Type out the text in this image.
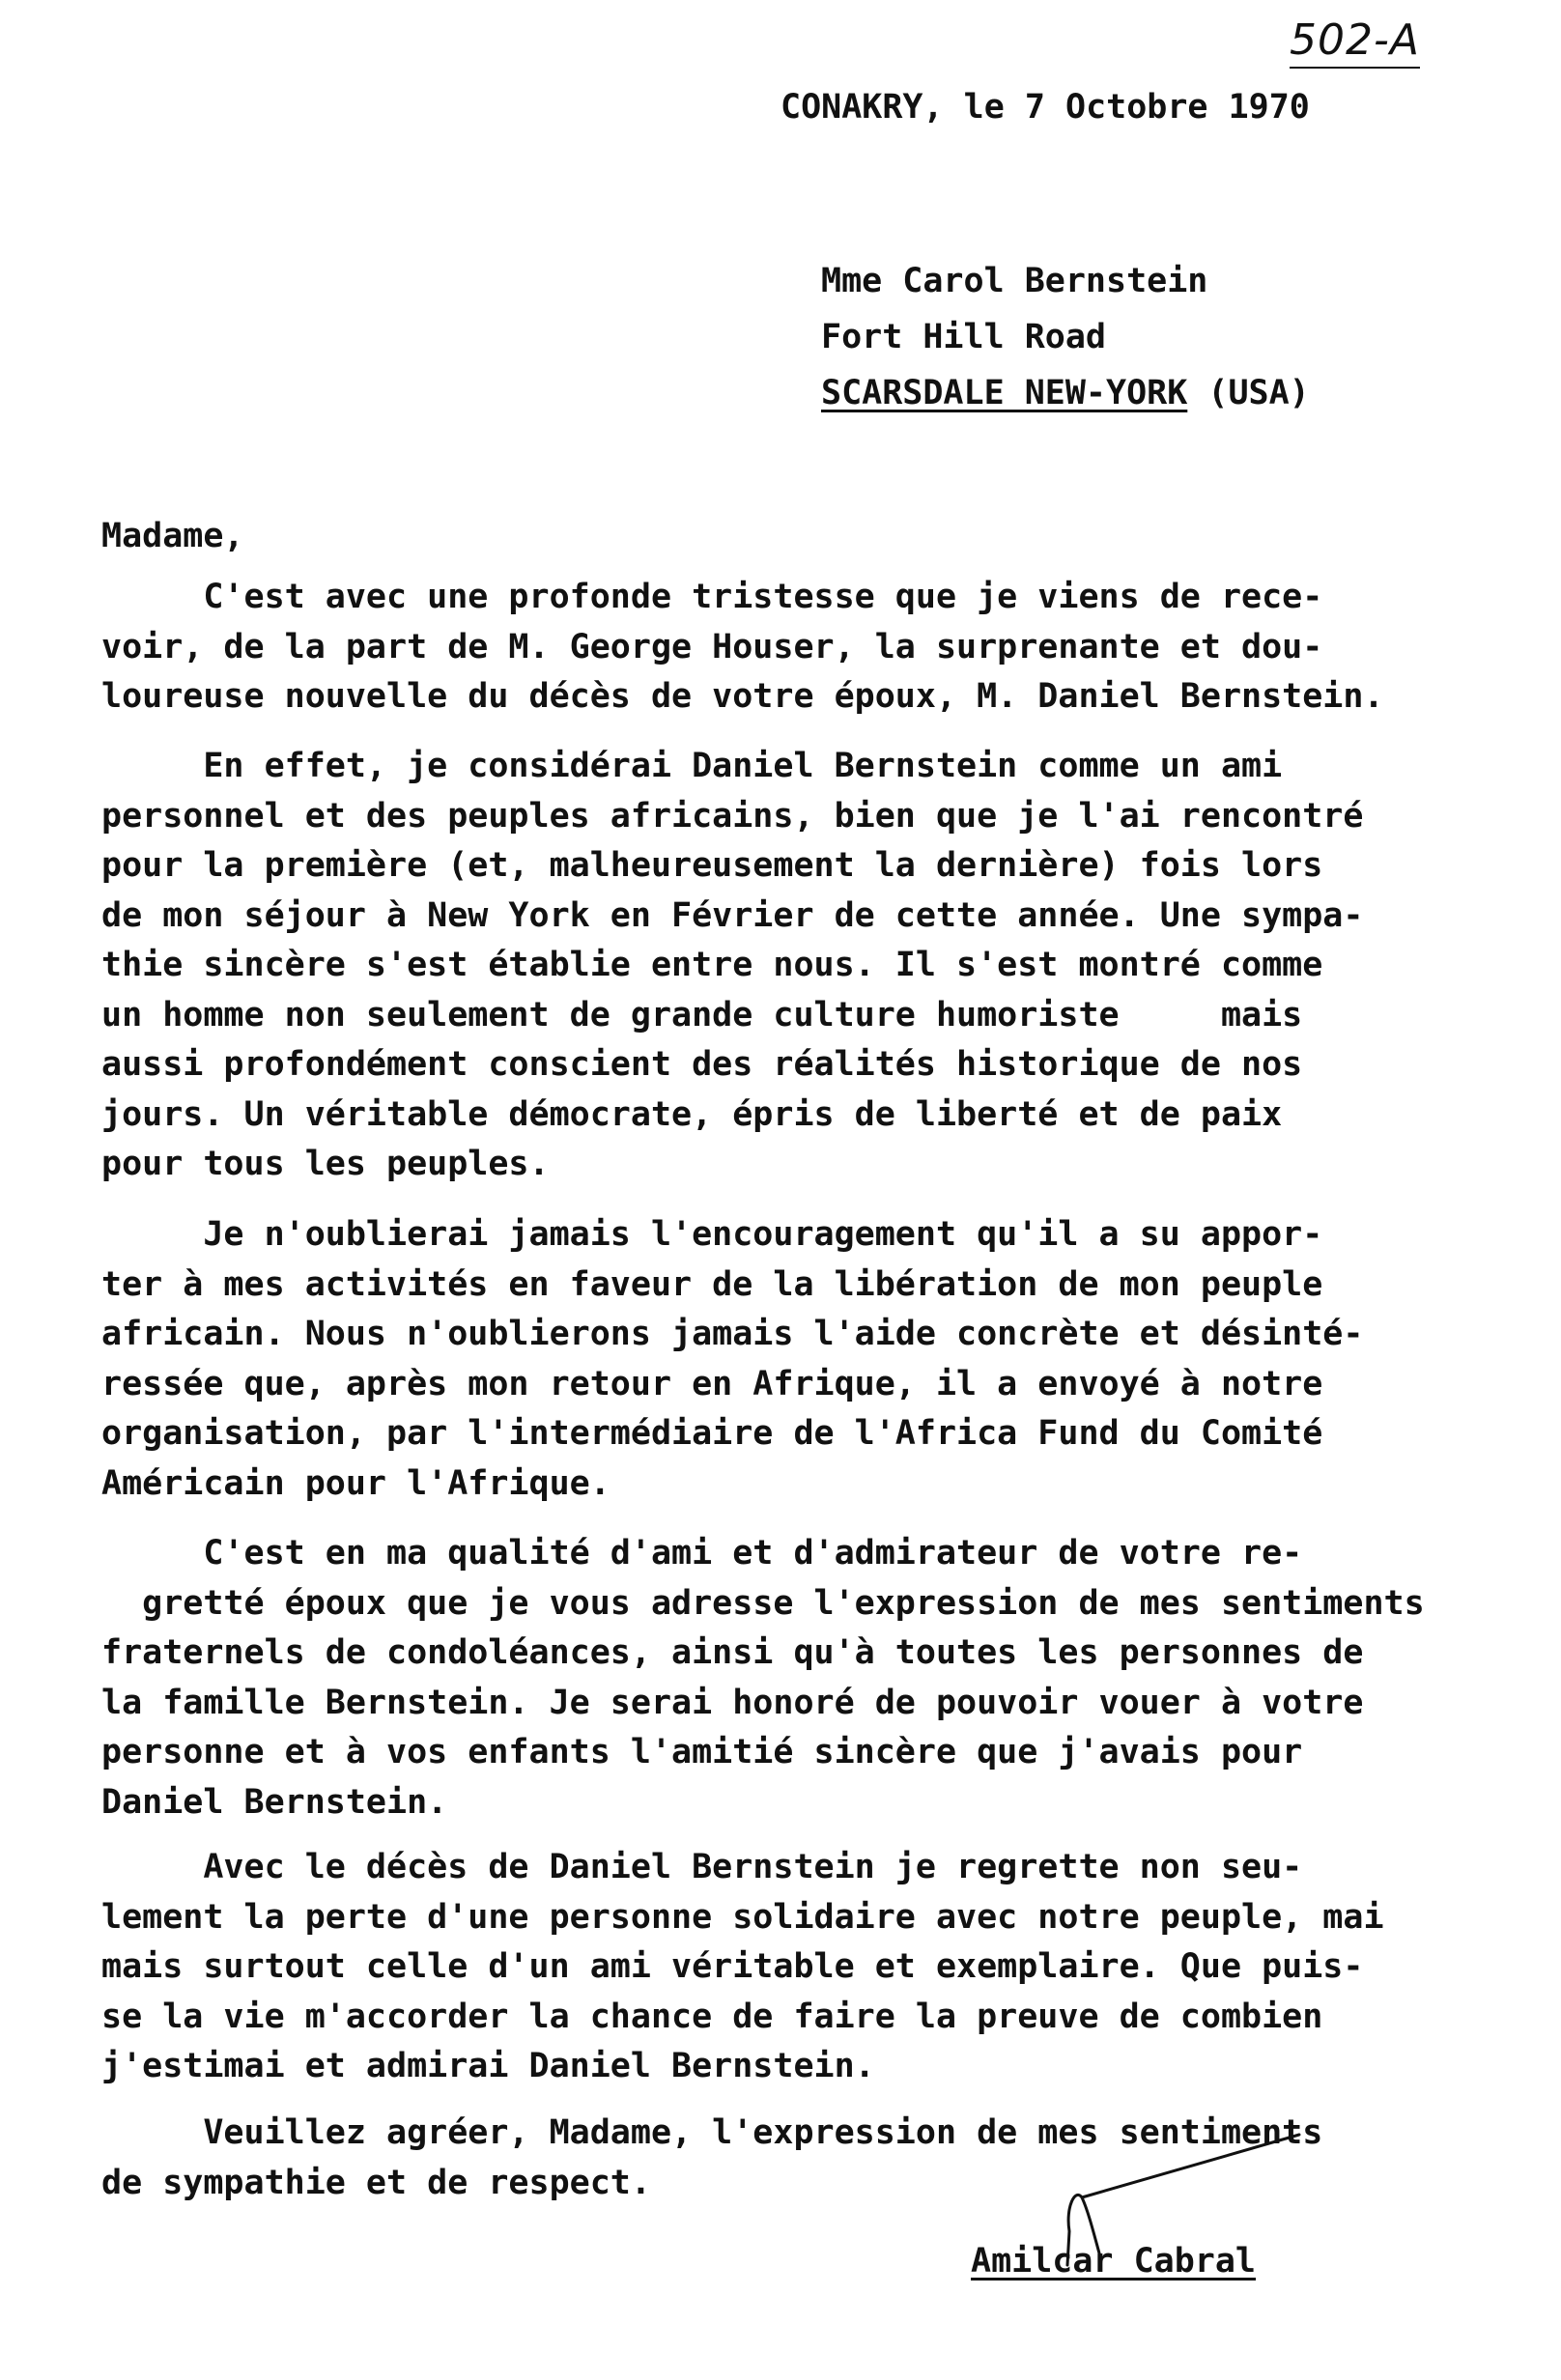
502-A
CONAKRY, le 7 Octobre 1970
Mme Carol Bernstein
Fort Hill Road
SCARSDALE NEW-YORK (USA)
Madame,
C'est avec une profonde tristesse que je viens de rece-
voir, de la part de M. George Houser, la surprenante et dou-
loureuse nouvelle du décès de votre époux, M. Daniel Bernstein.
En effet, je considérai Daniel Bernstein comme un ami
personnel et des peuples africains, bien que je l'ai rencontré
pour la première (et, malheureusement la dernière) fois lors
de mon séjour à New York en Février de cette année. Une sympa-
thie sincère s'est établie entre nous. Il s'est montré comme
un homme non seulement de grande culture humoriste     mais
aussi profondément conscient des réalités historique de nos
jours. Un véritable démocrate, épris de liberté et de paix
pour tous les peuples.
Je n'oublierai jamais l'encouragement qu'il a su appor-
ter à mes activités en faveur de la libération de mon peuple
africain. Nous n'oublierons jamais l'aide concrète et désinté-
ressée que, après mon retour en Afrique, il a envoyé à notre
organisation, par l'intermédiaire de l'Africa Fund du Comité
Américain pour l'Afrique.
C'est en ma qualité d'ami et d'admirateur de votre re-
gretté époux que je vous adresse l'expression de mes sentiments
fraternels de condoléances, ainsi qu'à toutes les personnes de
la famille Bernstein. Je serai honoré de pouvoir vouer à votre
personne et à vos enfants l'amitié sincère que j'avais pour
Daniel Bernstein.
Avec le décès de Daniel Bernstein je regrette non seu-
lement la perte d'une personne solidaire avec notre peuple, mai
mais surtout celle d'un ami véritable et exemplaire. Que puis-
se la vie m'accorder la chance de faire la preuve de combien
j'estimai et admirai Daniel Bernstein.
Veuillez agréer, Madame, l'expression de mes sentiments
de sympathie et de respect.
Amilcar Cabral
